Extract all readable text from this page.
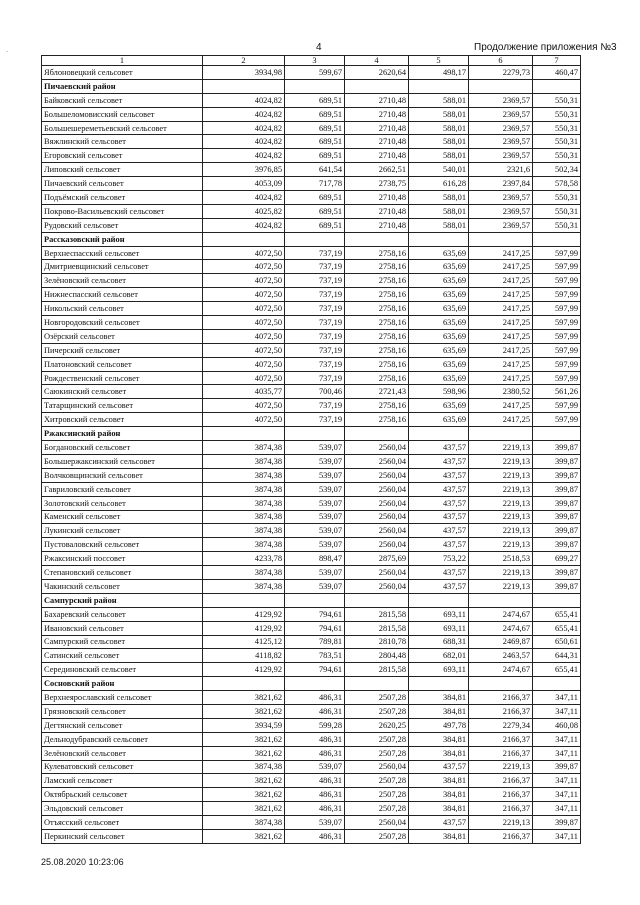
·	4	Продолжение приложения №3
1	2	3	4	5	6	7
Яблоновецкий сельсовет	3934,98	599,67	2620,64	498,17	2279,73	460,47
Пичаевский район						
Байковский сельсовет	4024,82	689,51	2710,48	588,01	2369,57	550,31
Большеломовисский сельсовет	4024,82	689,51	2710,48	588,01	2369,57	550,31
Большешереметьевский сельсовет	4024,82	689,51	2710,48	588,01	2369,57	550,31
Вяжлинский сельсовет	4024,82	689,51	2710,48	588,01	2369,57	550,31
Егоровский сельсовет	4024,82	689,51	2710,48	588,01	2369,57	550,31
Липовский сельсовет	3976,85	641,54	2662,51	540,01	2321,6	502,34
Пичаевский сельсовет	4053,09	717,78	2738,75	616,28	2397,84	578,58
Подъёмский сельсовет	4024,82	689,51	2710,48	588,01	2369,57	550,31
Покрово-Васильевский сельсовет	4025,82	689,51	2710,48	588,01	2369,57	550,31
Рудовский сельсовет	4024,82	689,51	2710,48	588,01	2369,57	550,31
Рассказовский район						
Верхнеспасский сельсовет	4072,50	737,19	2758,16	635,69	2417,25	597,99
Дмитриевщинский сельсовет	4072,50	737,19	2758,16	635,69	2417,25	597,99
Зелёновский сельсовет	4072,50	737,19	2758,16	635,69	2417,25	597,99
Нижнеспасский сельсовет	4072,50	737,19	2758,16	635,69	2417,25	597,99
Никольский сельсовет	4072,50	737,19	2758,16	635,69	2417,25	597,99
Новгородовский сельсовет	4072,50	737,19	2758,16	635,69	2417,25	597,99
Озёрский сельсовет	4072,50	737,19	2758,16	635,69	2417,25	597,99
Пичерский сельсовет	4072,50	737,19	2758,16	635,69	2417,25	597,99
Платоновский сельсовет	4072,50	737,19	2758,16	635,69	2417,25	597,99
Рождественский сельсовет	4072,50	737,19	2758,16	635,69	2417,25	597,99
Саюкинский сельсовет	4035,77	700,46	2721,43	598,96	2380,52	561,26
Татарщинский сельсовет	4072,50	737,19	2758,16	635,69	2417,25	597,99
Хитровский сельсовет	4072,50	737,19	2758,16	635,69	2417,25	597,99
Ржаксинский район						
Богдановский сельсовет	3874,38	539,07	2560,04	437,57	2219,13	399,87
Большержаксинский сельсовет	3874,38	539,07	2560,04	437,57	2219,13	399,87
Волчковщинский сельсовет	3874,38	539,07	2560,04	437,57	2219,13	399,87
Гавриловский сельсовет	3874,38	539,07	2560,04	437,57	2219,13	399,87
Золотовский сельсовет	3874,38	539,07	2560,04	437,57	2219,13	399,87
Каменский сельсовет	3874,38	539,07	2560,04	437,57	2219,13	399,87
Лукинский сельсовет	3874,38	539,07	2560,04	437,57	2219,13	399,87
Пустоваловский сельсовет	3874,38	539,07	2560,04	437,57	2219,13	399,87
Ржаксинский поссовет	4233,78	898,47	2875,69	753,22	2518,53	699,27
Степановский сельсовет	3874,38	539,07	2560,04	437,57	2219,13	399,87
Чакинский сельсовет	3874,38	539,07	2560,04	437,57	2219,13	399,87
Сампурский район						
Бахаревский сельсовет	4129,92	794,61	2815,58	693,11	2474,67	655,41
Ивановский сельсовет	4129,92	794,61	2815,58	693,11	2474,67	655,41
Сампурский сельсовет	4125,12	789,81	2810,78	688,31	2469,87	650,61
Сатинский сельсовет	4118,82	783,51	2804,48	682,01	2463,57	644,31
Серединовский сельсовет	4129,92	794,61	2815,58	693,11	2474,67	655,41
Сосновский район						
Верхнеярославский сельсовет	3821,62	486,31	2507,28	384,81	2166,37	347,11
Грязновский сельсовет	3821,62	486,31	2507,28	384,81	2166,37	347,11
Дегтянский сельсовет	3934,59	599,28	2620,25	497,78	2279,34	460,08
Дельнодубравский сельсовет	3821,62	486,31	2507,28	384,81	2166,37	347,11
Зелёновский сельсовет	3821,62	486,31	2507,28	384,81	2166,37	347,11
Кулеватовский сельсовет	3874,38	539,07	2560,04	437,57	2219,13	399,87
Ламский сельсовет	3821,62	486,31	2507,28	384,81	2166,37	347,11
Октябрьский сельсовет	3821,62	486,31	2507,28	384,81	2166,37	347,11
Эльдовский сельсовет	3821,62	486,31	2507,28	384,81	2166,37	347,11
Отъясский сельсовет	3874,38	539,07	2560,04	437,57	2219,13	399,87
Перкинский сельсовет	3821,62	486,31	2507,28	384,81	2166,37	347,11
25.08.2020 10:23:06
